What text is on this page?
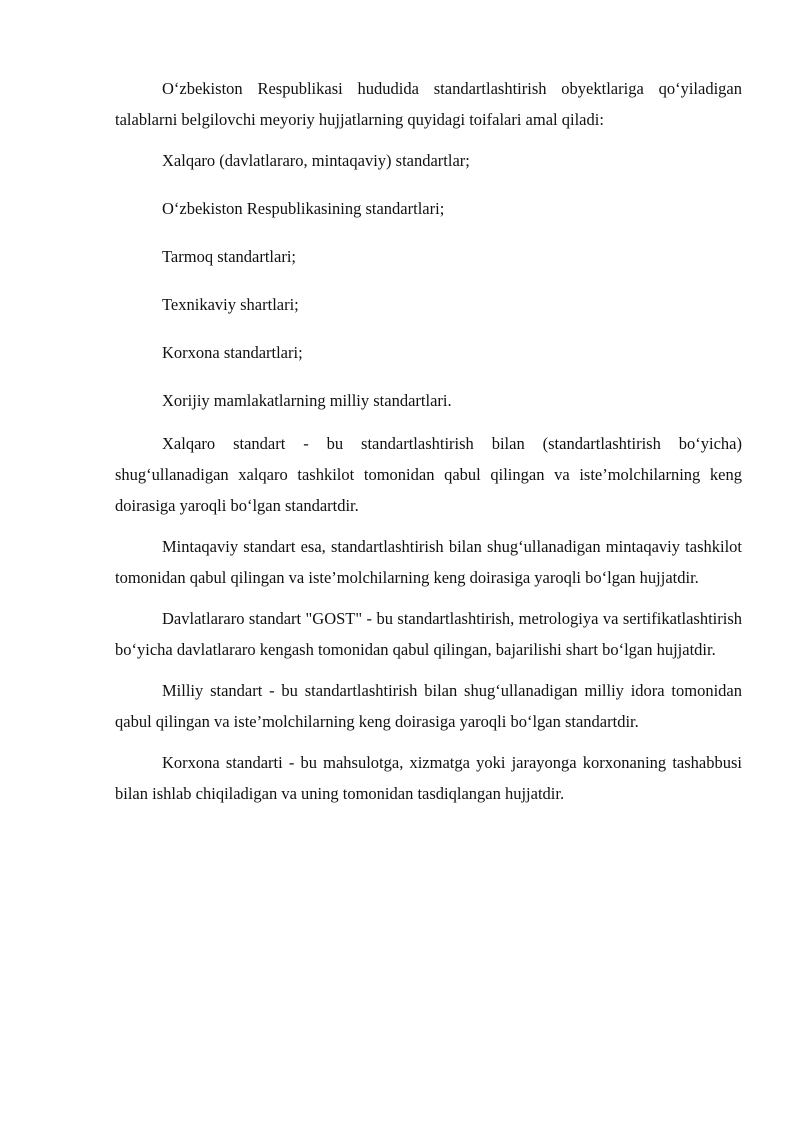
O‘zbekiston Respublikasi hududida standartlashtirish obyektlariga qo‘yiladigan talablarni belgilovchi meyoriy hujjatlarning quyidagi toifalari amal qiladi:

Xalqaro (davlatlararo, mintaqaviy) standartlar;

O‘zbekiston Respublikasining standartlari;

Tarmoq standartlari;

Texnikaviy shartlari;

Korxona standartlari;

Xorijiy mamlakatlarning milliy standartlari.

Xalqaro standart - bu standartlashtirish bilan (standartlashtirish bo‘yicha) shug‘ullanadigan xalqaro tashkilot tomonidan qabul qilingan va iste’molchilarning keng doirasiga yaroqli bo‘lgan standartdir.

Mintaqaviy standart esa, standartlashtirish bilan shug‘ullanadigan mintaqaviy tashkilot tomonidan qabul qilingan va iste’molchilarning keng doirasiga yaroqli bo‘lgan hujjatdir.

Davlatlararo standart "GOST" - bu standartlashtirish, metrologiya va sertifikatlashtirish bo‘yicha davlatlararo kengash tomonidan qabul qilingan, bajarilishi shart bo‘lgan hujjatdir.

Milliy standart - bu standartlashtirish bilan shug‘ullanadigan milliy idora tomonidan qabul qilingan va iste’molchilarning keng doirasiga yaroqli bo‘lgan standartdir.

Korxona standarti - bu mahsulotga, xizmatga yoki jarayonga korxonaning tashabbusi bilan ishlab chiqiladigan va uning tomonidan tasdiqlangan hujjatdir.
